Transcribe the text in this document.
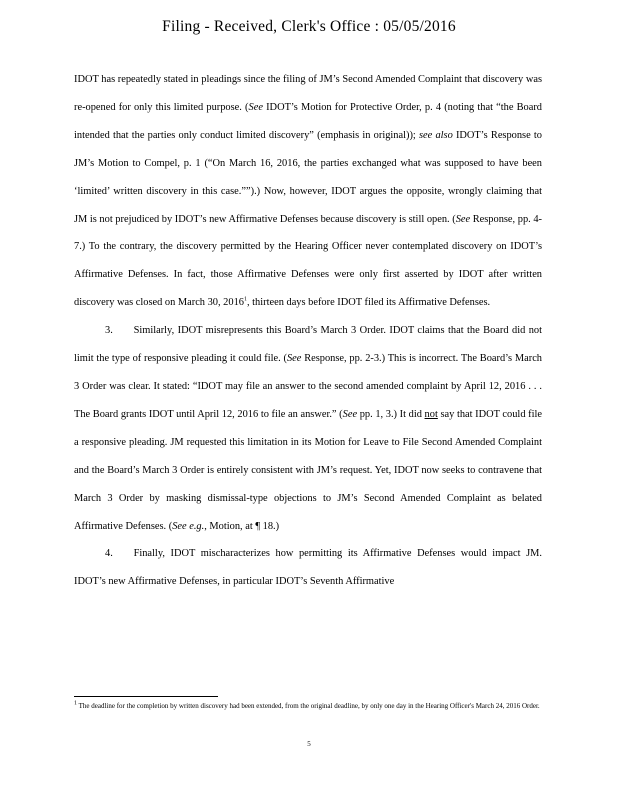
Filing - Received, Clerk's Office : 05/05/2016

IDOT has repeatedly stated in pleadings since the filing of JM’s Second Amended Complaint that discovery was re-opened for only this limited purpose. (See IDOT’s Motion for Protective Order, p. 4 (noting that “the Board intended that the parties only conduct limited discovery” (emphasis in original)); see also IDOT’s Response to JM’s Motion to Compel, p. 1 (“On March 16, 2016, the parties exchanged what was supposed to have been ‘limited’ written discovery in this case.””).) Now, however, IDOT argues the opposite, wrongly claiming that JM is not prejudiced by IDOT’s new Affirmative Defenses because discovery is still open. (See Response, pp. 4-7.) To the contrary, the discovery permitted by the Hearing Officer never contemplated discovery on IDOT’s Affirmative Defenses. In fact, those Affirmative Defenses were only first asserted by IDOT after written discovery was closed on March 30, 2016$^1$, thirteen days before IDOT filed its Affirmative Defenses.

3.  Similarly, IDOT misrepresents this Board’s March 3 Order. IDOT claims that the Board did not limit the type of responsive pleading it could file. (See Response, pp. 2-3.) This is incorrect. The Board’s March 3 Order was clear. It stated: “IDOT may file an answer to the second amended complaint by April 12, 2016 . . . The Board grants IDOT until April 12, 2016 to file an answer.” (See pp. 1, 3.) It did not say that IDOT could file a responsive pleading. JM requested this limitation in its Motion for Leave to File Second Amended Complaint and the Board’s March 3 Order is entirely consistent with JM’s request. Yet, IDOT now seeks to contravene that March 3 Order by masking dismissal-type objections to JM’s Second Amended Complaint as belated Affirmative Defenses. (See e.g., Motion, at ¶ 18.)

4.  Finally, IDOT mischaracterizes how permitting its Affirmative Defenses would impact JM. IDOT’s new Affirmative Defenses, in particular IDOT’s Seventh Affirmative

$^1$ The deadline for the completion by written discovery had been extended, from the original deadline, by only one day in the Hearing Officer's March 24, 2016 Order.
5
